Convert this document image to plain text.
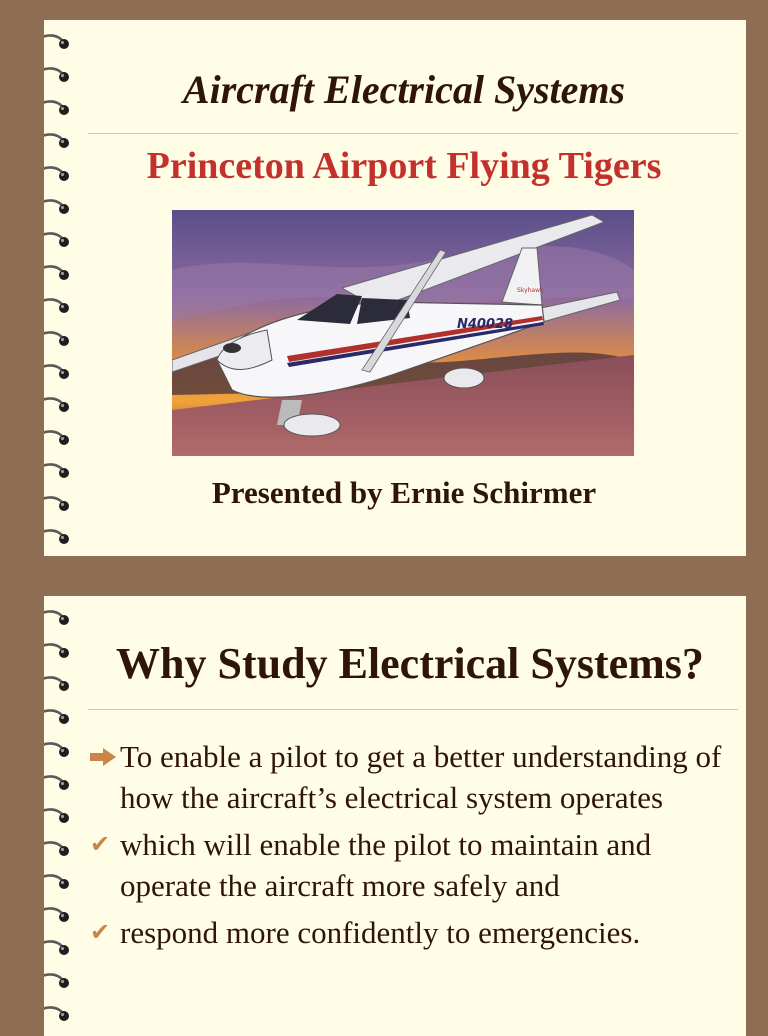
Aircraft Electrical Systems
Princeton Airport Flying Tigers
N40028
Skyhawk
Presented by Ernie Schirmer
Why Study Electrical Systems?
To enable a pilot to get a better understanding of how the aircraft’s electrical system operates
✔ which will enable the pilot to maintain and operate the aircraft more safely and
✔ respond more confidently to emergencies.
